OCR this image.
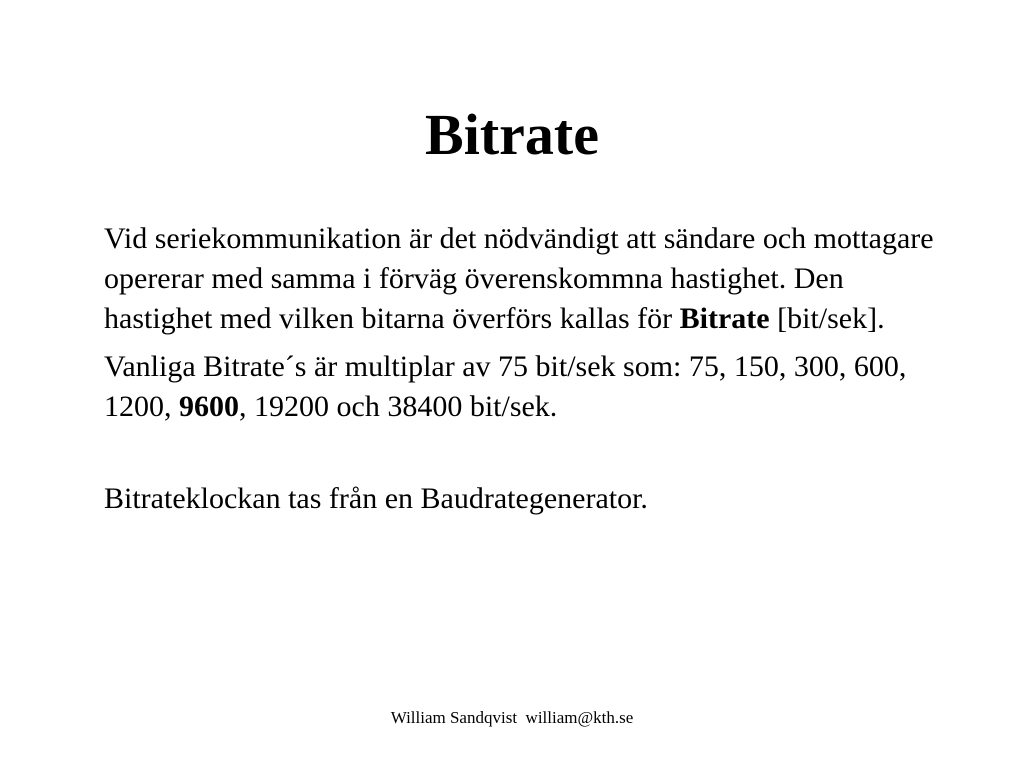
Bitrate

Vid seriekommunikation är det nödvändigt att sändare och mottagare opererar med samma i förväg överenskommna hastighet. Den hastighet med vilken bitarna överförs kallas för Bitrate [bit/sek].

Vanliga Bitrate´s är multiplar av 75 bit/sek som: 75, 150, 300, 600, 1200, 9600, 19200 och 38400 bit/sek.

Bitrateklockan tas från en Baudrategenerator.

William Sandqvist william@kth.se
